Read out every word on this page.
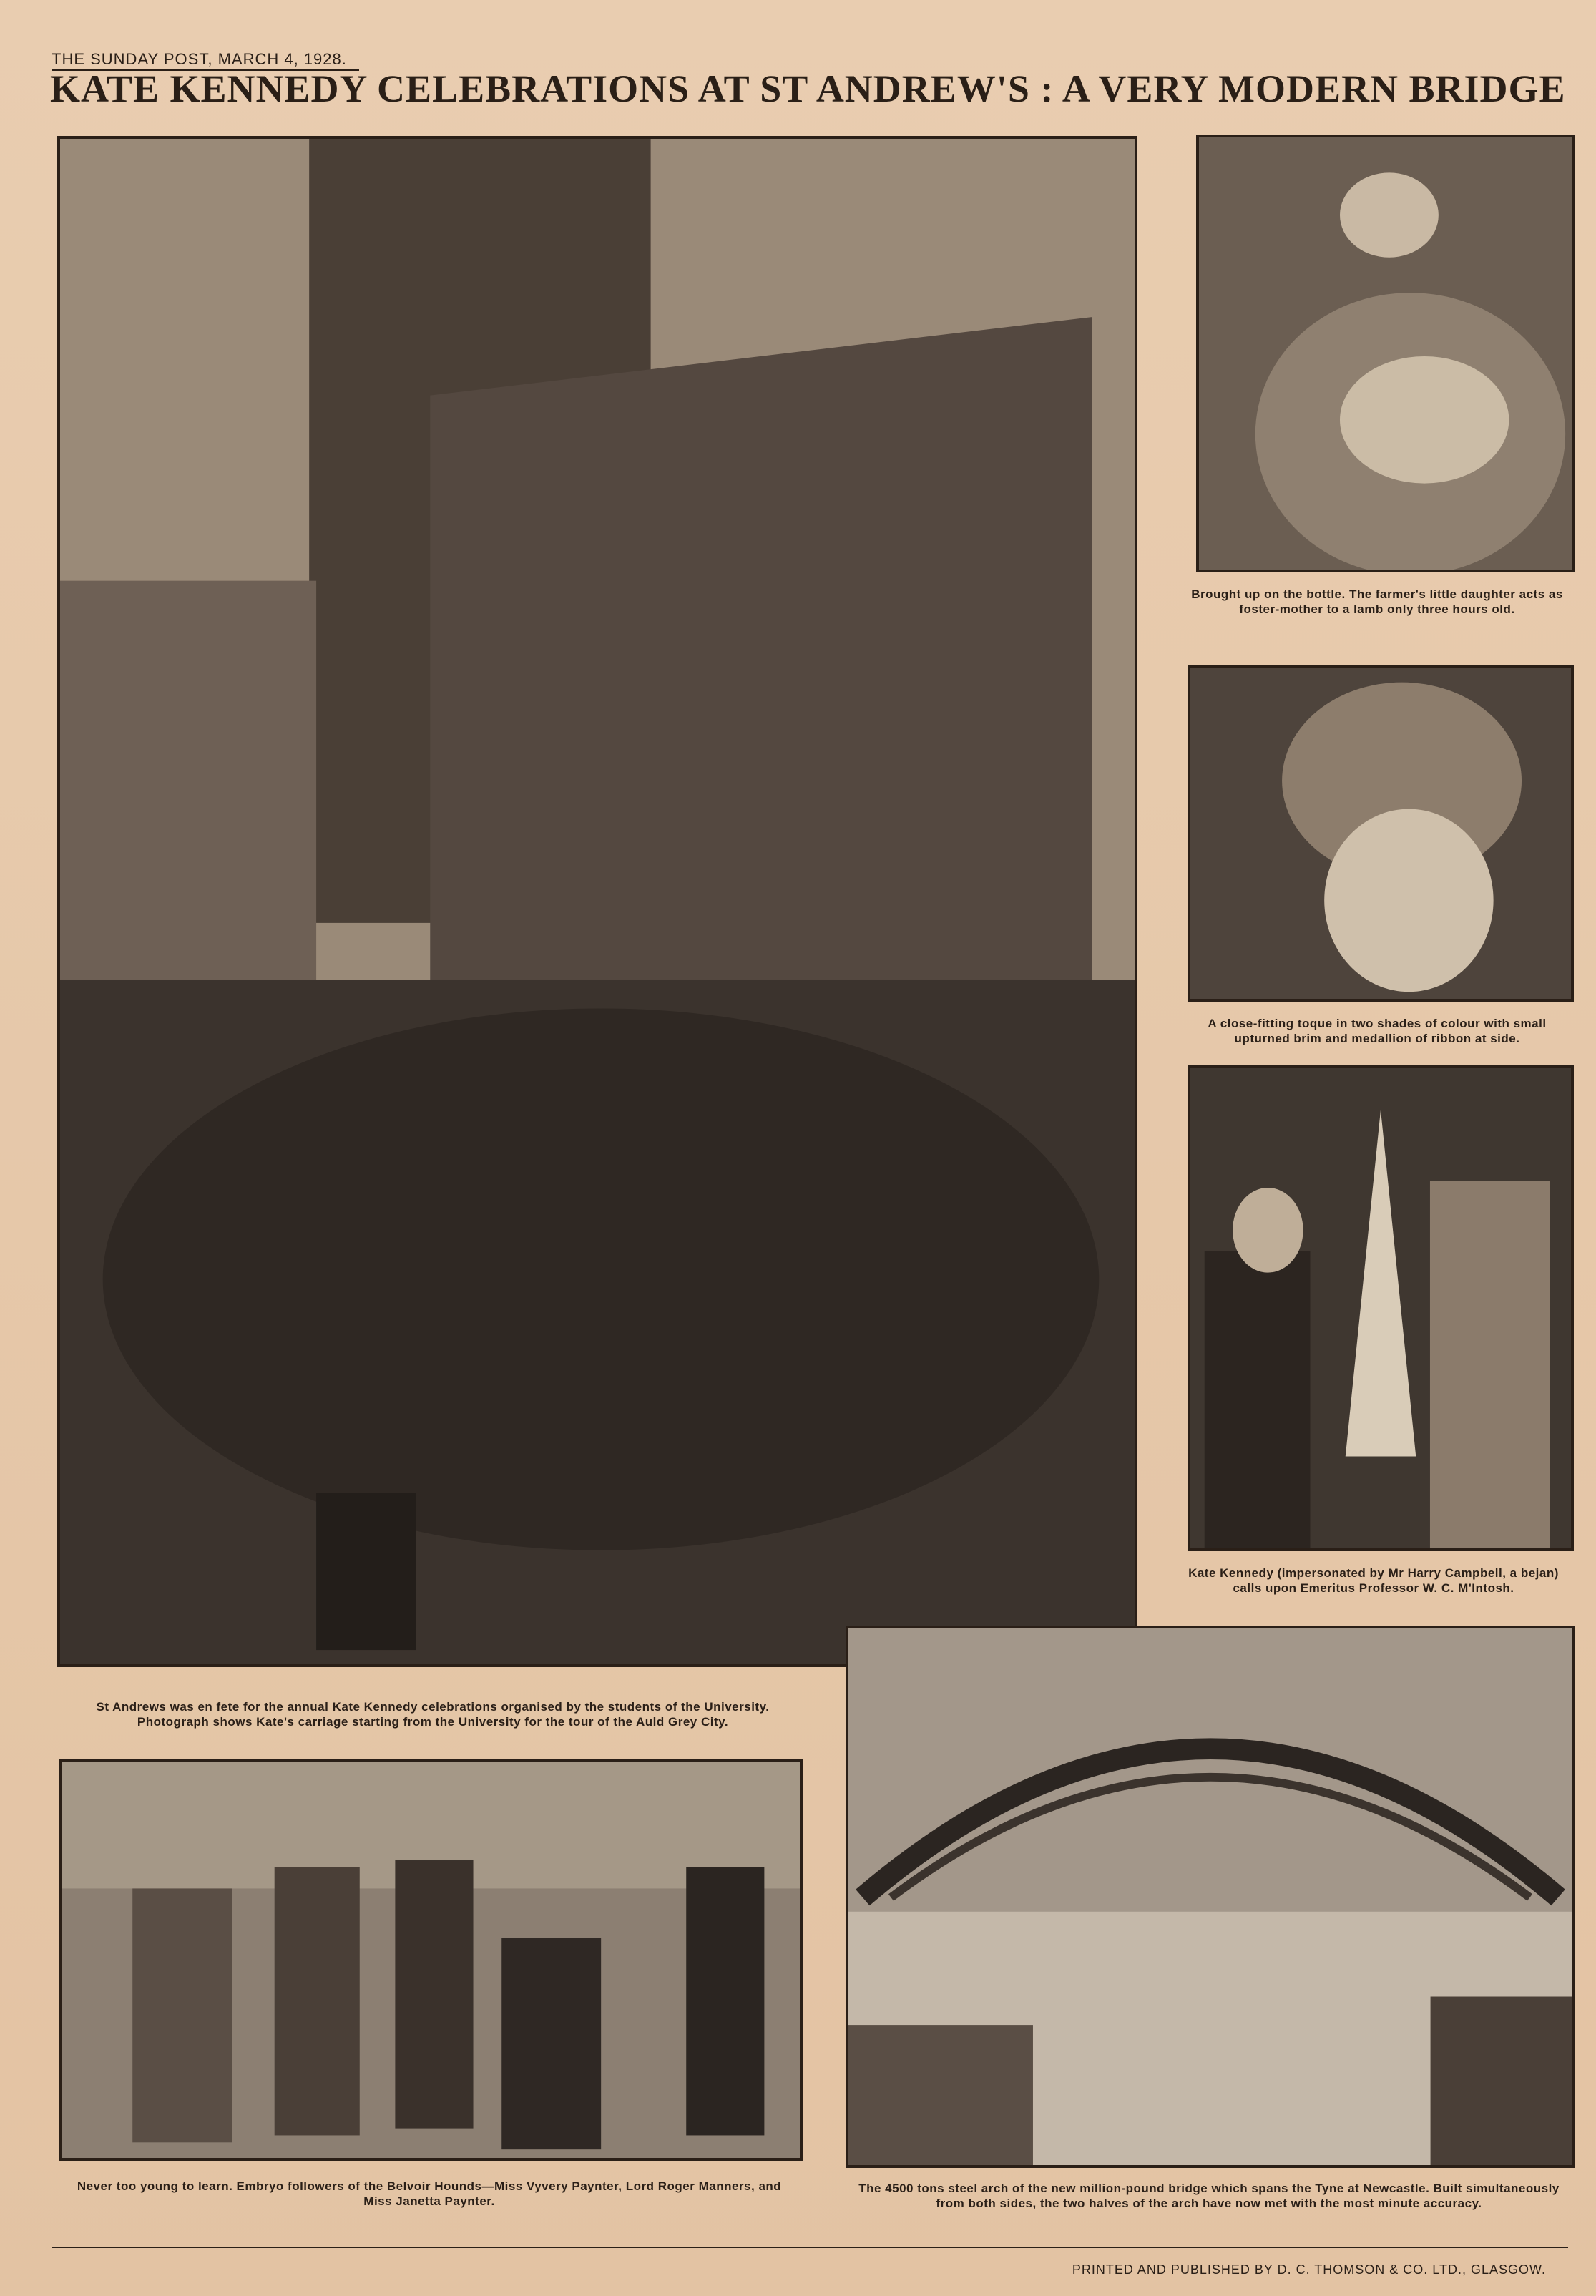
THE SUNDAY POST, MARCH 4, 1928.
KATE KENNEDY CELEBRATIONS AT ST ANDREW'S : A VERY MODERN BRIDGE
St Andrews was en fete for the annual Kate Kennedy celebrations organised by the students of the University. Photograph shows Kate's carriage starting from the University for the tour of the Auld Grey City.
Brought up on the bottle. The farmer's little daughter acts as foster-mother to a lamb only three hours old.
A close-fitting toque in two shades of colour with small upturned brim and medallion of ribbon at side.
Kate Kennedy (impersonated by Mr Harry Campbell, a bejan) calls upon Emeritus Professor W. C. M'Intosh.
Never too young to learn. Embryo followers of the Belvoir Hounds—Miss Vyvery Paynter, Lord Roger Manners, and Miss Janetta Paynter.
The 4500 tons steel arch of the new million-pound bridge which spans the Tyne at Newcastle. Built simultaneously from both sides, the two halves of the arch have now met with the most minute accuracy.
PRINTED AND PUBLISHED BY D. C. THOMSON & CO. LTD., GLASGOW.
